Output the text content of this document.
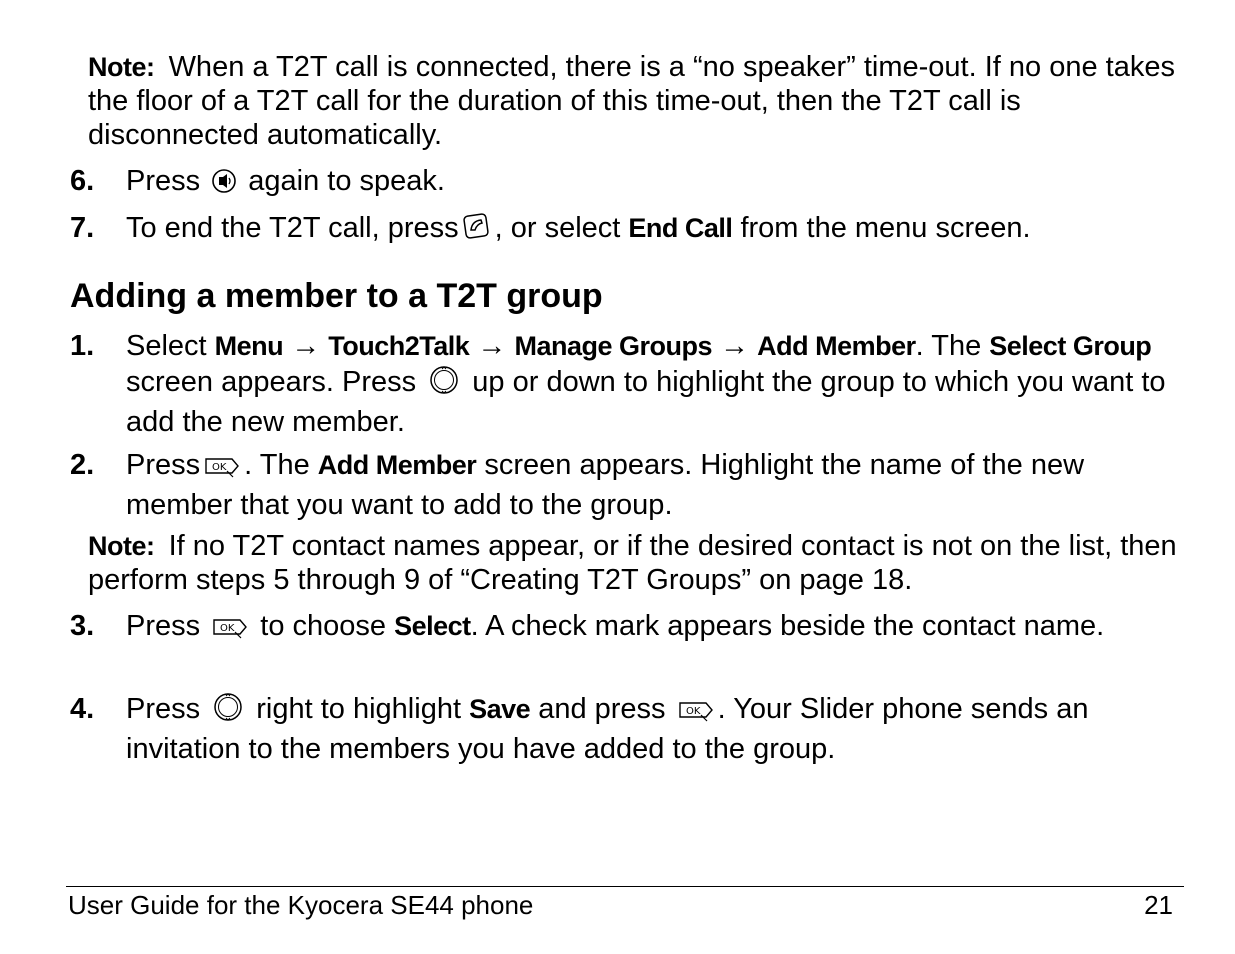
Note: When a T2T call is connected, there is a “no speaker” time-out. If no one takes the floor of a T2T call for the duration of this time-out, then the T2T call is disconnected automatically.
6. Press again to speak.
7. To end the T2T call, press , or select End Call from the menu screen.
Adding a member to a T2T group
1. Select Menu → Touch2Talk → Manage Groups → Add Member. The Select Group screen appears. Press up or down to highlight the group to which you want to add the new member.
2. Press OK . The Add Member screen appears. Highlight the name of the new member that you want to add to the group.
Note: If no T2T contact names appear, or if the desired contact is not on the list, then perform steps 5 through 9 of “Creating T2T Groups” on page 18.
3. Press OK to choose Select. A check mark appears beside the contact name.
4. Press right to highlight Save and press OK . Your Slider phone sends an invitation to the members you have added to the group.
User Guide for the Kyocera SE44 phone	21
